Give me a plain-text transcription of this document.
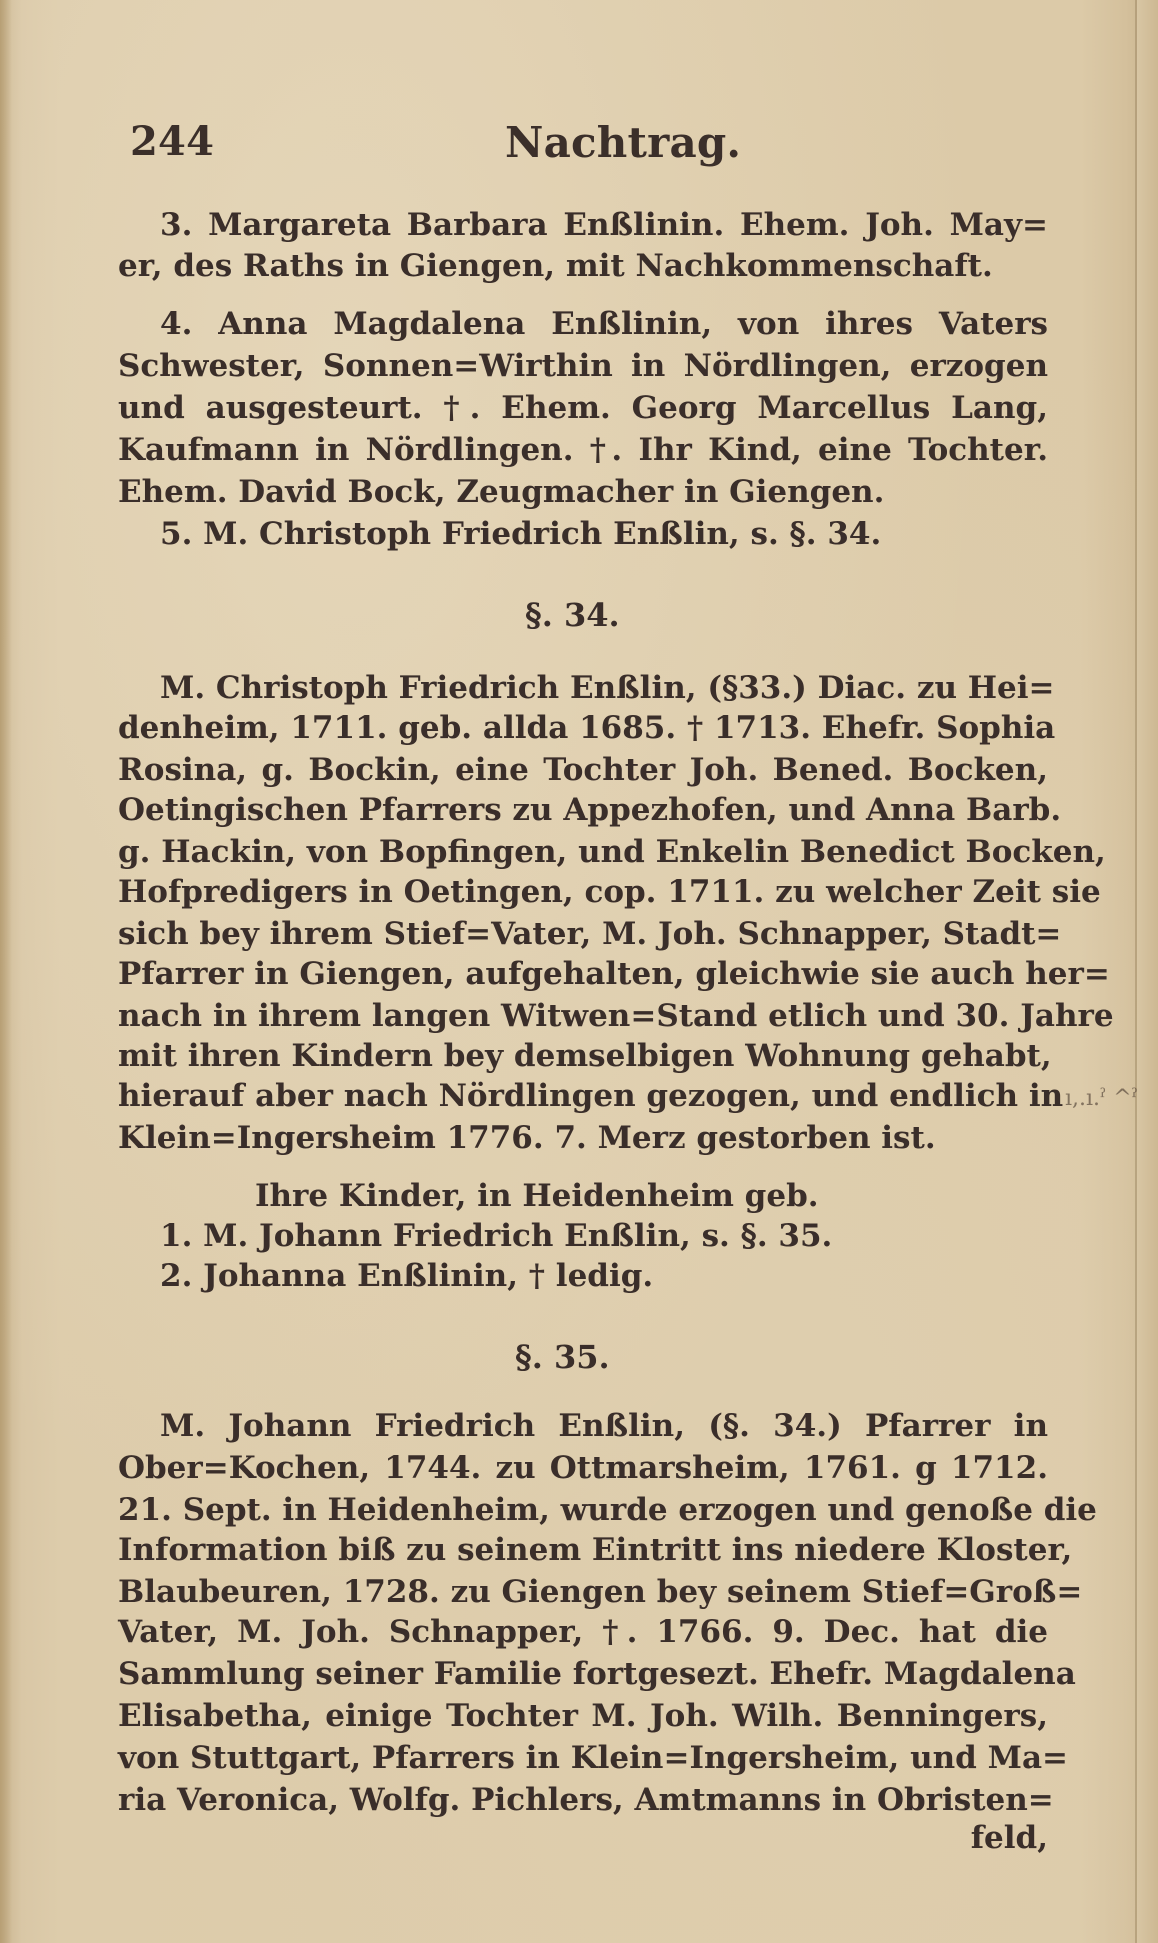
244	Nachtrag.
3. Margareta Barbara Enßlinin. Ehem. Joh. May=
er, des Raths in Giengen, mit Nachkommenschaft.
4. Anna Magdalena Enßlinin, von ihres Vaters
Schwester, Sonnen=Wirthin in Nördlingen, erzogen
und ausgesteurt. †. Ehem. Georg Marcellus Lang,
Kaufmann in Nördlingen. †. Ihr Kind, eine Tochter.
Ehem. David Bock, Zeugmacher in Giengen.
5. M. Christoph Friedrich Enßlin, s. §. 34.
§. 34.
M. Christoph Friedrich Enßlin, (§33.) Diac. zu Hei=
denheim, 1711. geb. allda 1685. † 1713. Ehefr. Sophia
Rosina, g. Bockin, eine Tochter Joh. Bened. Bocken,
Oetingischen Pfarrers zu Appezhofen, und Anna Barb.
g. Hackin, von Bopfingen, und Enkelin Benedict Bocken,
Hofpredigers in Oetingen, cop. 1711. zu welcher Zeit sie
sich bey ihrem Stief=Vater, M. Joh. Schnapper, Stadt=
Pfarrer in Giengen, aufgehalten, gleichwie sie auch her=
nach in ihrem langen Witwen=Stand etlich und 30. Jahre
mit ihren Kindern bey demselbigen Wohnung gehabt,
hierauf aber nach Nördlingen gezogen, und endlich in
Klein=Ingersheim 1776. 7. Merz gestorben ist.
Ihre Kinder, in Heidenheim geb.
1. M. Johann Friedrich Enßlin, s. §. 35.
2. Johanna Enßlinin, † ledig.
§. 35.
M. Johann Friedrich Enßlin, (§. 34.) Pfarrer in
Ober=Kochen, 1744. zu Ottmarsheim, 1761. g 1712.
21. Sept. in Heidenheim, wurde erzogen und genoße die
Information biß zu seinem Eintritt ins niedere Kloster,
Blaubeuren, 1728. zu Giengen bey seinem Stief=Groß=
Vater, M. Joh. Schnapper, †. 1766. 9. Dec. hat die
Sammlung seiner Familie fortgesezt. Ehefr. Magdalena
Elisabetha, einige Tochter M. Joh. Wilh. Benningers,
von Stuttgart, Pfarrers in Klein=Ingersheim, und Ma=
ria Veronica, Wolfg. Pichlers, Amtmanns in Obristen=
feld,
ı,.ı.ˀ ^ˀ
